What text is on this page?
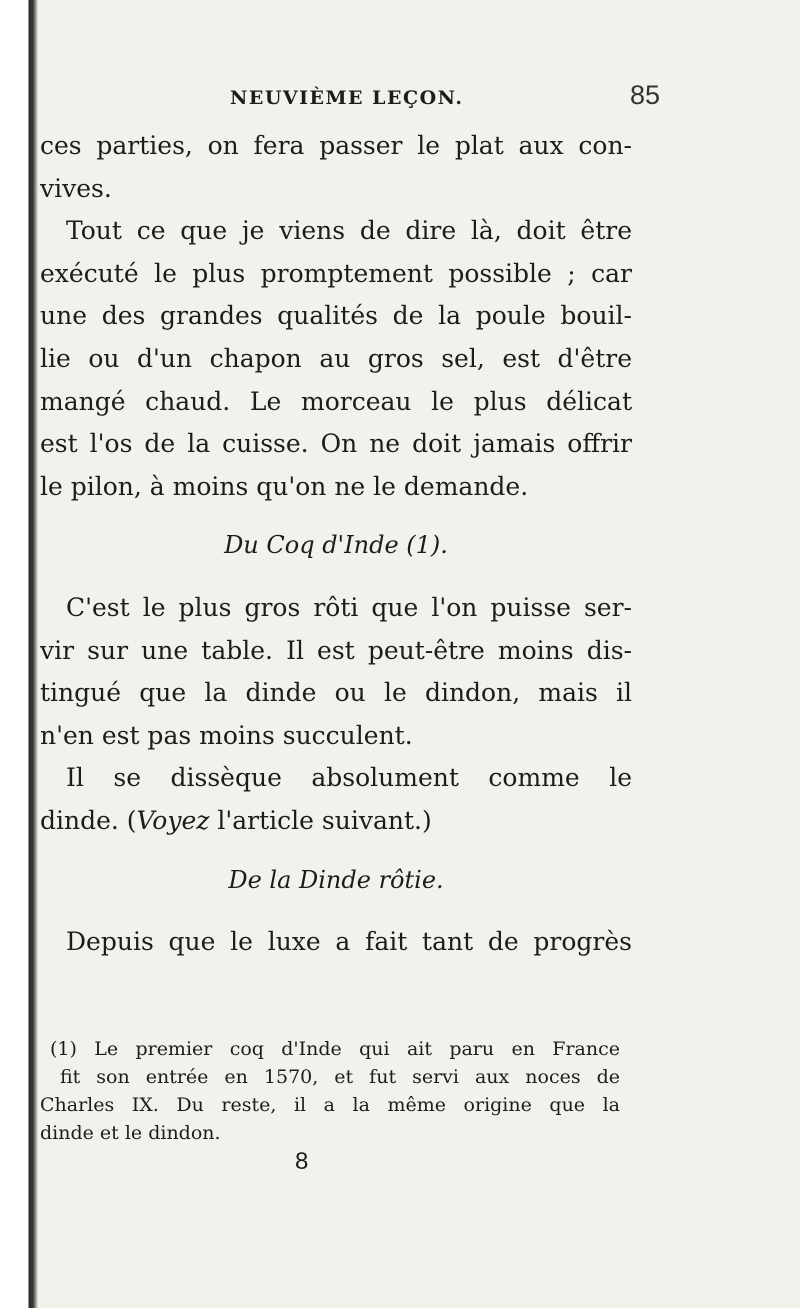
NEUVIÈME LEÇON.	85
ces parties, on fera passer le plat aux con-
vives.
Tout ce que je viens de dire là, doit être
exécuté le plus promptement possible ; car
une des grandes qualités de la poule bouil-
lie ou d'un chapon au gros sel, est d'être
mangé chaud. Le morceau le plus délicat
est l'os de la cuisse. On ne doit jamais offrir
le pilon, à moins qu'on ne le demande.
Du Coq d'Inde (1).
C'est le plus gros rôti que l'on puisse ser-
vir sur une table. Il est peut-être moins dis-
tingué que la dinde ou le dindon, mais il
n'en est pas moins succulent.
Il se dissèque absolument comme le
dinde. (Voyez l'article suivant.)
De la Dinde rôtie.
Depuis que le luxe a fait tant de progrès
(1) Le premier coq d'Inde qui ait paru en France
fit son entrée en 1570, et fut servi aux noces de
Charles IX. Du reste, il a la même origine que la
dinde et le dindon.
8
